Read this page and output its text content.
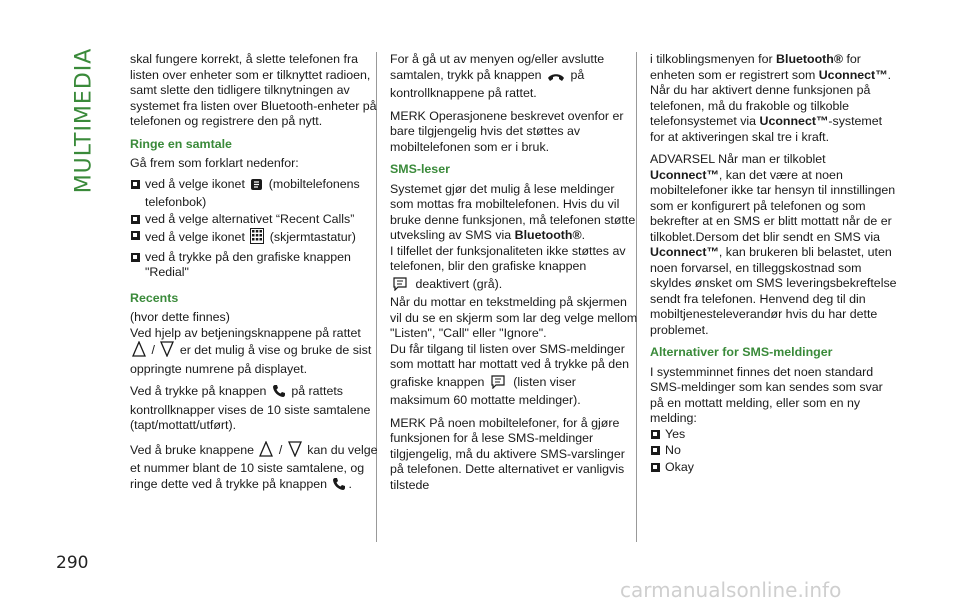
MULTIMEDIA
290

skal fungere korrekt, å slette telefonen fra listen over enheter som er tilknyttet radioen, samt slette den tidligere tilknytningen av systemet fra listen over Bluetooth-enheter på telefonen og registrere den på nytt.

Ringe en samtale

Gå frem som forklart nedenfor:

ved å velge ikonet (mobiltelefonens telefonbok)
ved å velge alternativet “Recent Calls”
ved å velge ikonet (skjermtastatur)
ved å trykke på den grafiske knappen "Redial"
Recents

(hvor dette finnes)

Ved hjelp av betjeningsknappene på rattet  / er det mulig å vise og bruke de sist oppringte numrene på displayet.

Ved å trykke på knappen på rattets kontrollknapper vises de 10 siste samtalene (tapt/mottatt/utført).

Ved å bruke knappene / kan du velge et nummer blant de 10 siste samtalene, og ringe dette ved å trykke på knappen .

For å gå ut av menyen og/eller avslutte samtalen, trykk på knappen på kontrollknappene på rattet.

MERK Operasjonene beskrevet ovenfor er bare tilgjengelig hvis det støttes av mobiltelefonen som er i bruk.

SMS-leser

Systemet gjør det mulig å lese meldinger som mottas fra mobiltelefonen. Hvis du vil bruke denne funksjonen, må telefonen støtte utveksling av SMS via Bluetooth®.

I tilfellet der funksjonaliteten ikke støttes av telefonen, blir den grafiske knappen
deaktivert (grå).

Når du mottar en tekstmelding på skjermen vil du se en skjerm som lar deg velge mellom "Listen", "Call" eller "Ignore".

Du får tilgang til listen over SMS-meldinger som mottatt har mottatt ved å trykke på den grafiske knappen (listen viser maksimum 60 mottatte meldinger).

MERK På noen mobiltelefoner, for å gjøre funksjonen for å lese SMS-meldinger tilgjengelig, må du aktivere SMS-varslinger på telefonen. Dette alternativet er vanligvis tilstede

i tilkoblingsmenyen for Bluetooth® for enheten som er registrert som Uconnect™. Når du har aktivert denne funksjonen på telefonen, må du frakoble og tilkoble telefonsystemet via Uconnect™-systemet for at aktiveringen skal tre i kraft.

ADVARSEL Når man er tilkoblet Uconnect™, kan det være at noen mobiltelefoner ikke tar hensyn til innstillingen som er konfigurert på telefonen og som bekrefter at en SMS er blitt mottatt når de er tilkoblet.Dersom det blir sendt en SMS via Uconnect™, kan brukeren bli belastet, uten noen forvarsel, en tilleggskostnad som skyldes ønsket om SMS leveringsbekreftelse sendt fra telefonen. Henvend deg til din mobiltjenesteleverandør hvis du har dette problemet.

Alternativer for SMS-meldinger

I systemminnet finnes det noen standard SMS-meldinger som kan sendes som svar på en mottatt melding, eller som en ny melding:

Yes
No
Okay
carmanualsonline.info
